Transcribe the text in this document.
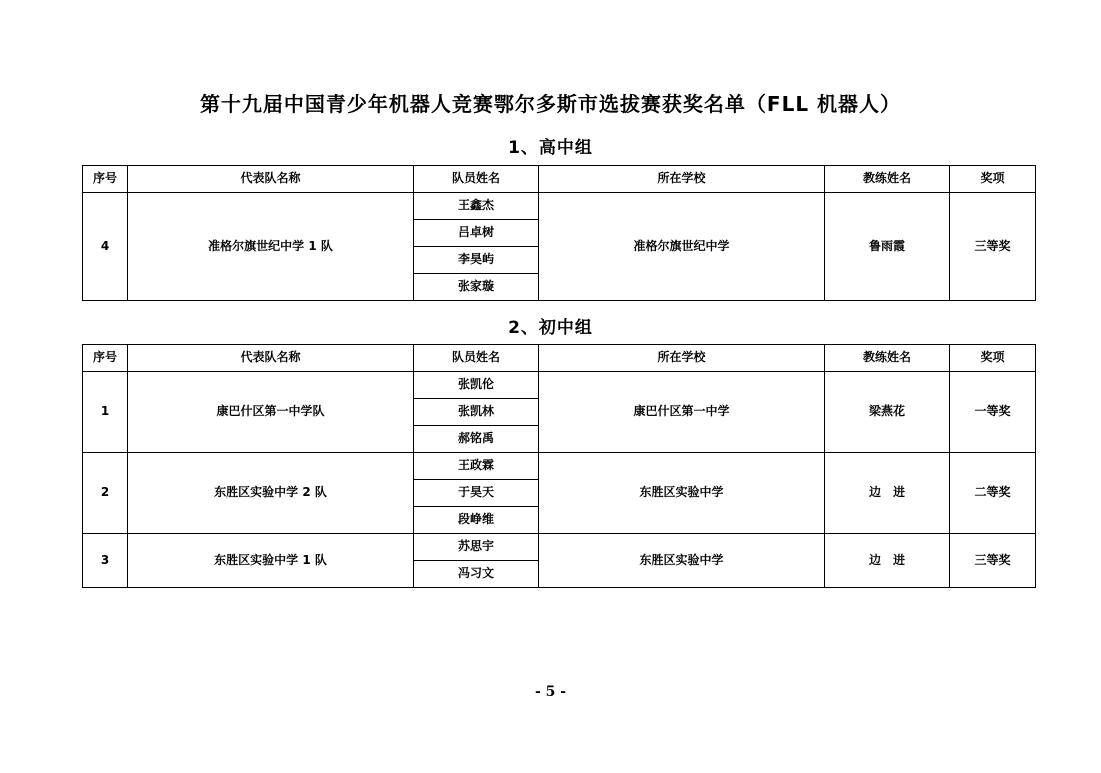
第十九届中国青少年机器人竞赛鄂尔多斯市选拔赛获奖名单（FLL 机器人）
1、高中组
序号	代表队名称	队员姓名	所在学校	教练姓名	奖项
4	准格尔旗世纪中学 1 队	王鑫杰	准格尔旗世纪中学	鲁雨霞	三等奖
		吕卓树			
		李昊屿			
		张家璇			
2、初中组
序号	代表队名称	队员姓名	所在学校	教练姓名	奖项
1	康巴什区第一中学队	张凯伦	康巴什区第一中学	梁燕花	一等奖
		张凯林			
		郝铭禹			
2	东胜区实验中学 2 队	王政霖	东胜区实验中学	边　进	二等奖
		于昊天			
		段峥维			
3	东胜区实验中学 1 队	苏思宇	东胜区实验中学	边　进	三等奖
		冯习文			
- 5 -
